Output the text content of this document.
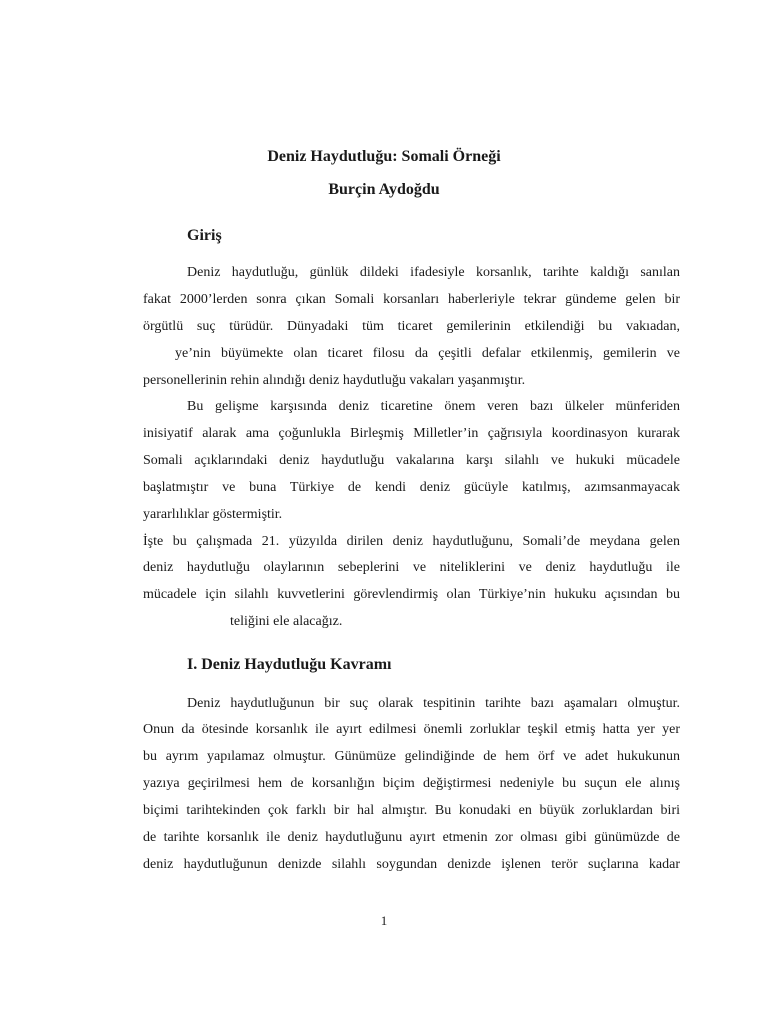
Deniz Haydutluğu: Somali Örneği
Burçin Aydoğdu
Giriş
Deniz haydutluğu, günlük dildeki ifadesiyle korsanlık, tarihte kaldığı sanılan
fakat 2000’lerden sonra çıkan Somali korsanları haberleriyle tekrar gündeme gelen bir
örgütlü suç türüdür. Dünyadaki tüm ticaret gemilerinin etkilendiği bu vakıadan,
ye’nin büyümekte olan ticaret filosu da çeşitli defalar etkilenmiş, gemilerin ve
personellerinin rehin alındığı deniz haydutluğu vakaları yaşanmıştır.
Bu gelişme karşısında deniz ticaretine önem veren bazı ülkeler münferiden
inisiyatif alarak ama çoğunlukla Birleşmiş Milletler’in çağrısıyla koordinasyon kurarak
Somali açıklarındaki deniz haydutluğu vakalarına karşı silahlı ve hukuki mücadele
başlatmıştır ve buna Türkiye de kendi deniz gücüyle katılmış, azımsanmayacak
yararlılıklar göstermiştir.
İşte bu çalışmada 21. yüzyılda dirilen deniz haydutluğunu, Somali’de meydana gelen
deniz haydutluğu olaylarının sebeplerini ve niteliklerini ve deniz haydutluğu ile
mücadele için silahlı kuvvetlerini görevlendirmiş olan Türkiye’nin hukuku açısından bu
teliğini ele alacağız.
I. Deniz Haydutluğu Kavramı
Deniz haydutluğunun bir suç olarak tespitinin tarihte bazı aşamaları olmuştur.
Onun da ötesinde korsanlık ile ayırt edilmesi önemli zorluklar teşkil etmiş hatta yer yer
bu ayrım yapılamaz olmuştur. Günümüze gelindiğinde de hem örf ve adet hukukunun
yazıya geçirilmesi hem de korsanlığın biçim değiştirmesi nedeniyle bu suçun ele alınış
biçimi tarihtekinden çok farklı bir hal almıştır. Bu konudaki en büyük zorluklardan biri
de tarihte korsanlık ile deniz haydutluğunu ayırt etmenin zor olması gibi günümüzde de
deniz haydutluğunun denizde silahlı soygundan denizde işlenen terör suçlarına kadar
1
